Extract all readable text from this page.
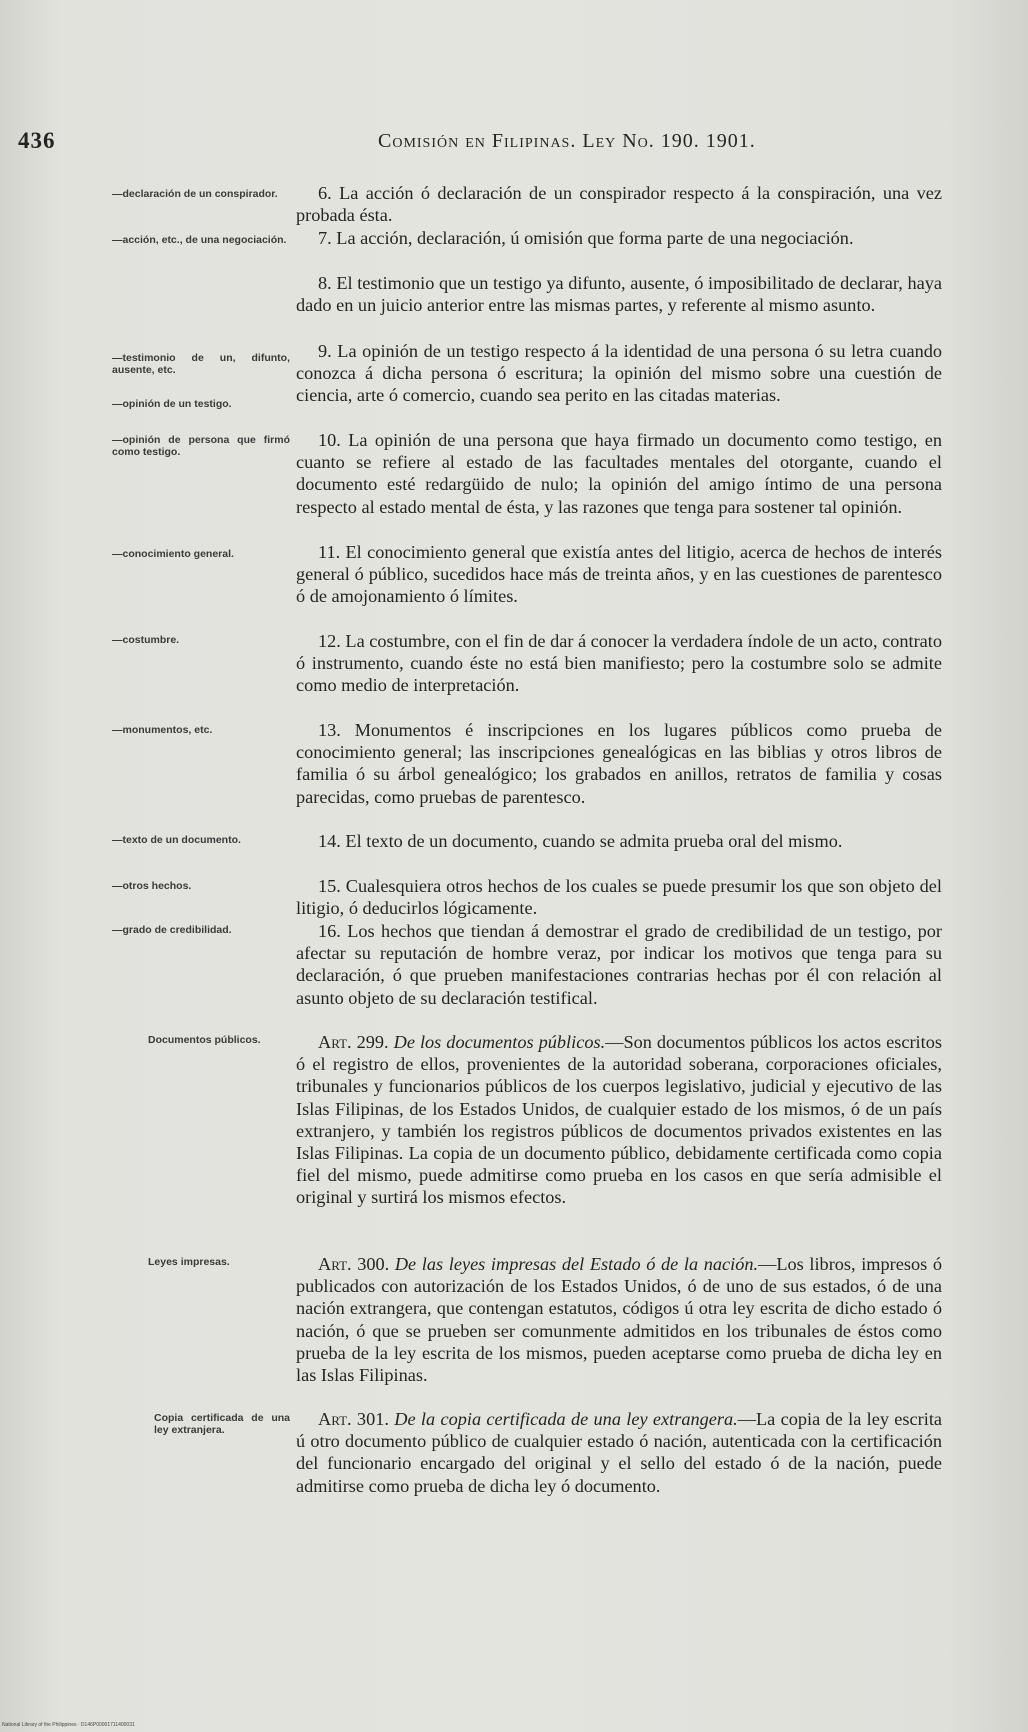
436	Comisión en Filipinas. Ley No. 190. 1901.
—declaración de un conspirador.
—acción, etc., de una negociación.
—testimonio de un, difunto, ausente, etc.
—opinión de un testigo.
—opinión de persona que firmó como testigo.
—conocimiento general.
—costumbre.
—monumentos, etc.
—texto de un documento.
—otros hechos.
—grado de credibilidad.
Documentos públicos.
Leyes impresas.
Copia certificada de una ley extranjera.

6. La acción ó declaración de un conspirador respecto á la conspiración, una vez probada ésta.

7. La acción, declaración, ú omisión que forma parte de una negociación.

8. El testimonio que un testigo ya difunto, ausente, ó imposibilitado de declarar, haya dado en un juicio anterior entre las mismas partes, y referente al mismo asunto.

9. La opinión de un testigo respecto á la identidad de una persona ó su letra cuando conozca á dicha persona ó escritura; la opinión del mismo sobre una cuestión de ciencia, arte ó comercio, cuando sea perito en las citadas materias.

10. La opinión de una persona que haya firmado un documento como testigo, en cuanto se refiere al estado de las facultades mentales del otorgante, cuando el documento esté redargüido de nulo; la opinión del amigo íntimo de una persona respecto al estado mental de ésta, y las razones que tenga para sostener tal opinión.

11. El conocimiento general que existía antes del litigio, acerca de hechos de interés general ó público, sucedidos hace más de treinta años, y en las cuestiones de parentesco ó de amojonamiento ó límites.

12. La costumbre, con el fin de dar á conocer la verdadera índole de un acto, contrato ó instrumento, cuando éste no está bien manifiesto; pero la costumbre solo se admite como medio de interpretación.

13. Monumentos é inscripciones en los lugares públicos como prueba de conocimiento general; las inscripciones genealógicas en las biblias y otros libros de familia ó su árbol genealógico; los grabados en anillos, retratos de familia y cosas parecidas, como pruebas de parentesco.

14. El texto de un documento, cuando se admita prueba oral del mismo.

15. Cualesquiera otros hechos de los cuales se puede presumir los que son objeto del litigio, ó deducirlos lógicamente.

16. Los hechos que tiendan á demostrar el grado de credibilidad de un testigo, por afectar su reputación de hombre veraz, por indicar los motivos que tenga para su declaración, ó que prueben manifestaciones contrarias hechas por él con relación al asunto objeto de su declaración testifical.

Art. 299. De los documentos públicos.—Son documentos públicos los actos escritos ó el registro de ellos, provenientes de la autoridad soberana, corporaciones oficiales, tribunales y funcionarios públicos de los cuerpos legislativo, judicial y ejecutivo de las Islas Filipinas, de los Estados Unidos, de cualquier estado de los mismos, ó de un país extranjero, y también los registros públicos de documentos privados existentes en las Islas Filipinas. La copia de un documento público, debidamente certificada como copia fiel del mismo, puede admitirse como prueba en los casos en que sería admisible el original y surtirá los mismos efectos.

Art. 300. De las leyes impresas del Estado ó de la nación.—Los libros, impresos ó publicados con autorización de los Estados Unidos, ó de uno de sus estados, ó de una nación extrangera, que contengan estatutos, códigos ú otra ley escrita de dicho estado ó nación, ó que se prueben ser comunmente admitidos en los tribunales de éstos como prueba de la ley escrita de los mismos, pueden aceptarse como prueba de dicha ley en las Islas Filipinas.

Art. 301. De la copia certificada de una ley extrangera.—La copia de la ley escrita ú otro documento público de cualquier estado ó nación, autenticada con la certificación del funcionario encargado del original y el sello del estado ó de la nación, puede admitirse como prueba de dicha ley ó documento.

National Library of the Philippines · D146P00001711400031
